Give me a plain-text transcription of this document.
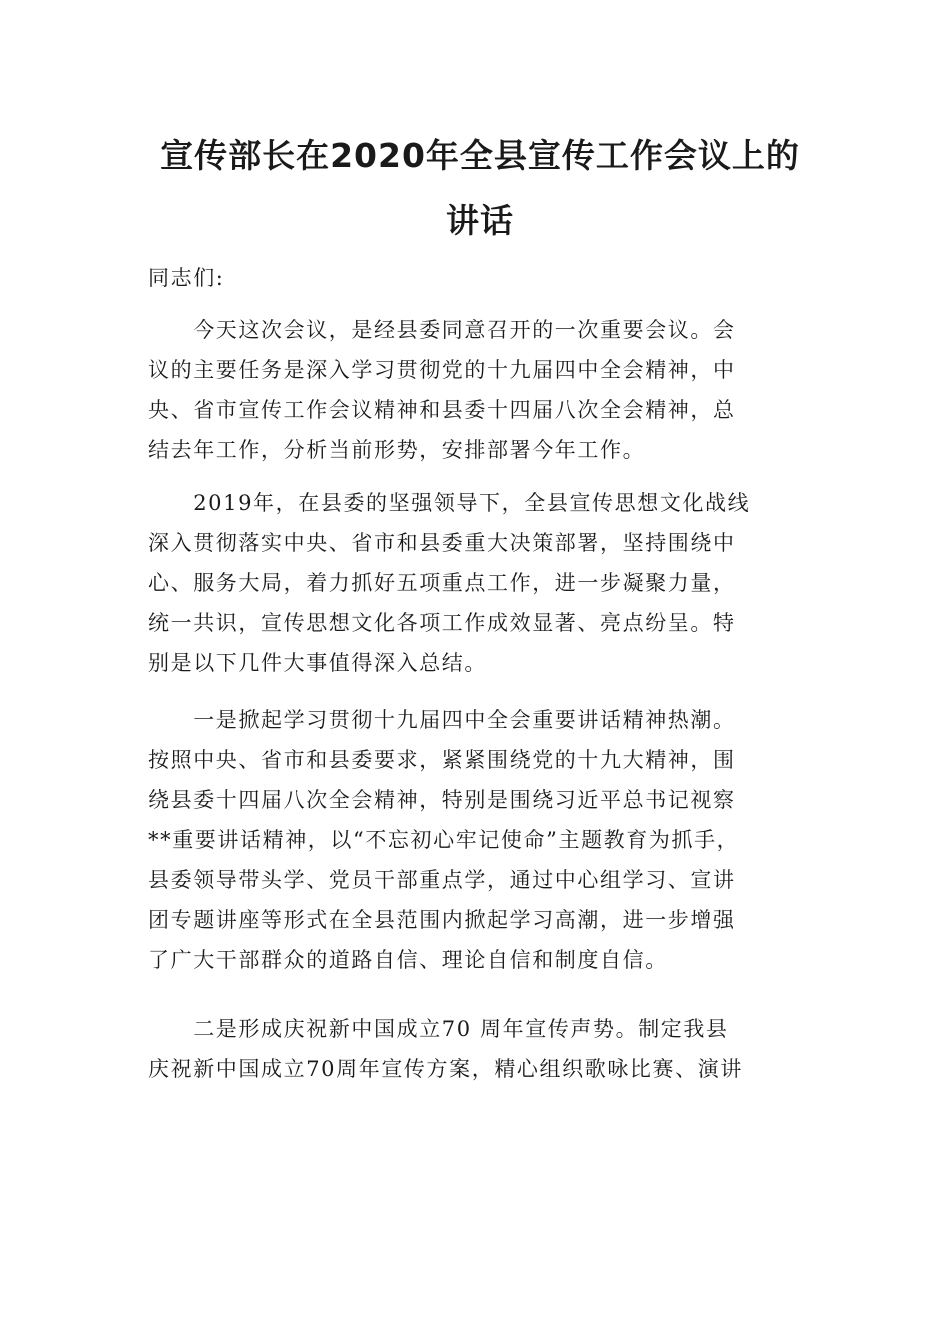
宣传部长在2020年全县宣传工作会议上的
讲话
同志们:
　　今天这次会议，是经县委同意召开的一次重要会议。会
议的主要任务是深入学习贯彻党的十九届四中全会精神，中
央、省市宣传工作会议精神和县委十四届八次全会精神，总
结去年工作，分析当前形势，安排部署今年工作。
　　2019年，在县委的坚强领导下，全县宣传思想文化战线
深入贯彻落实中央、省市和县委重大决策部署，坚持围绕中
心、服务大局，着力抓好五项重点工作，进一步凝聚力量，
统一共识，宣传思想文化各项工作成效显著、亮点纷呈。特
别是以下几件大事值得深入总结。
　　一是掀起学习贯彻十九届四中全会重要讲话精神热潮。
按照中央、省市和县委要求，紧紧围绕党的十九大精神，围
绕县委十四届八次全会精神，特别是围绕习近平总书记视察
**重要讲话精神，以“不忘初心牢记使命”主题教育为抓手，
县委领导带头学、党员干部重点学，通过中心组学习、宣讲
团专题讲座等形式在全县范围内掀起学习高潮，进一步增强
了广大干部群众的道路自信、理论自信和制度自信。
　　二是形成庆祝新中国成立70 周年宣传声势。制定我县
庆祝新中国成立70周年宣传方案，精心组织歌咏比赛、演讲
